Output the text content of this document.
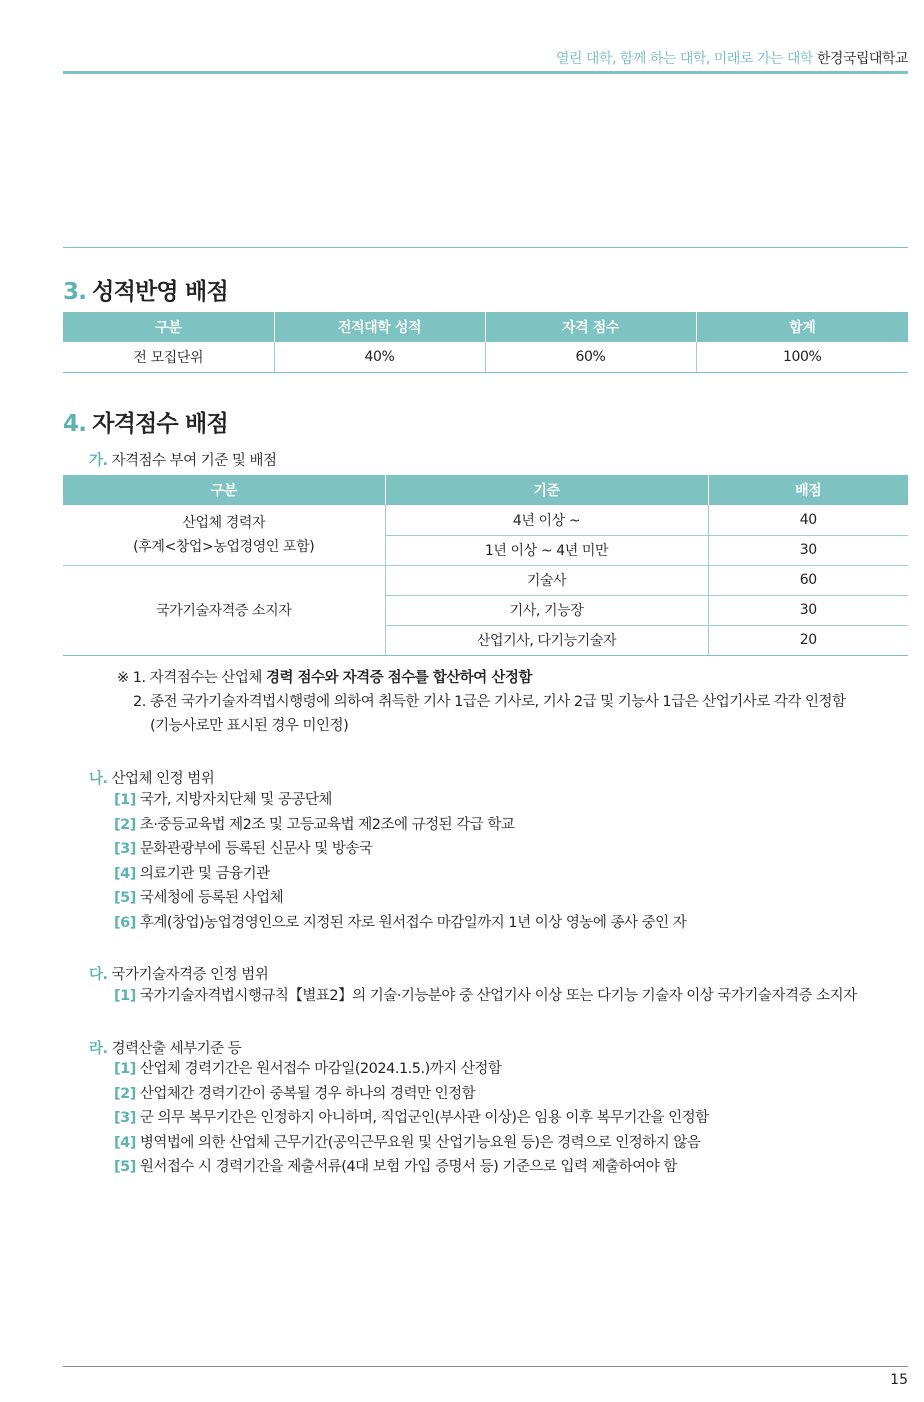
열린 대학, 함께 하는 대학, 미래로 가는 대학 한경국립대학교
3. 성적반영 배점
구분	전적대학 성적	자격 점수	합계
전 모집단위	40%	60%	100%
4. 자격점수 배점
가. 자격점수 부여 기준 및 배점
구분	기준	배점

산업체 경력자
(후계<창업>농업경영인 포함)	4년 이상 ~	40
	1년 이상 ~ 4년 미만	30
국가기술자격증 소지자	기술사	60
	기사, 기능장	30
	산업기사, 다기능기술자	20
※ 1. 자격점수는 산업체 경력 점수와 자격증 점수를 합산하여 산정함
2. 종전 국가기술자격법시행령에 의하여 취득한 기사 1급은 기사로, 기사 2급 및 기능사 1급은 산업기사로 각각 인정함
(기능사로만 표시된 경우 미인정)
나. 산업체 인정 범위
[1] 국가, 지방자치단체 및 공공단체
[2] 초·중등교육법 제2조 및 고등교육법 제2조에 규정된 각급 학교
[3] 문화관광부에 등록된 신문사 및 방송국
[4] 의료기관 및 금융기관
[5] 국세청에 등록된 사업체
[6] 후계(창업)농업경영인으로 지정된 자로 원서접수 마감일까지 1년 이상 영농에 종사 중인 자
다. 국가기술자격증 인정 범위
[1] 국가기술자격법시행규칙【별표2】의 기술·기능분야 중 산업기사 이상 또는 다기능 기술자 이상 국가기술자격증 소지자
라. 경력산출 세부기준 등
[1] 산업체 경력기간은 원서접수 마감일(2024.1.5.)까지 산정함
[2] 산업체간 경력기간이 중복될 경우 하나의 경력만 인정함
[3] 군 의무 복무기간은 인정하지 아니하며, 직업군인(부사관 이상)은 임용 이후 복무기간을 인정함
[4] 병역법에 의한 산업체 근무기간(공익근무요원 및 산업기능요원 등)은 경력으로 인정하지 않음
[5] 원서접수 시 경력기간을 제출서류(4대 보험 가입 증명서 등) 기준으로 입력 제출하여야 함
15
